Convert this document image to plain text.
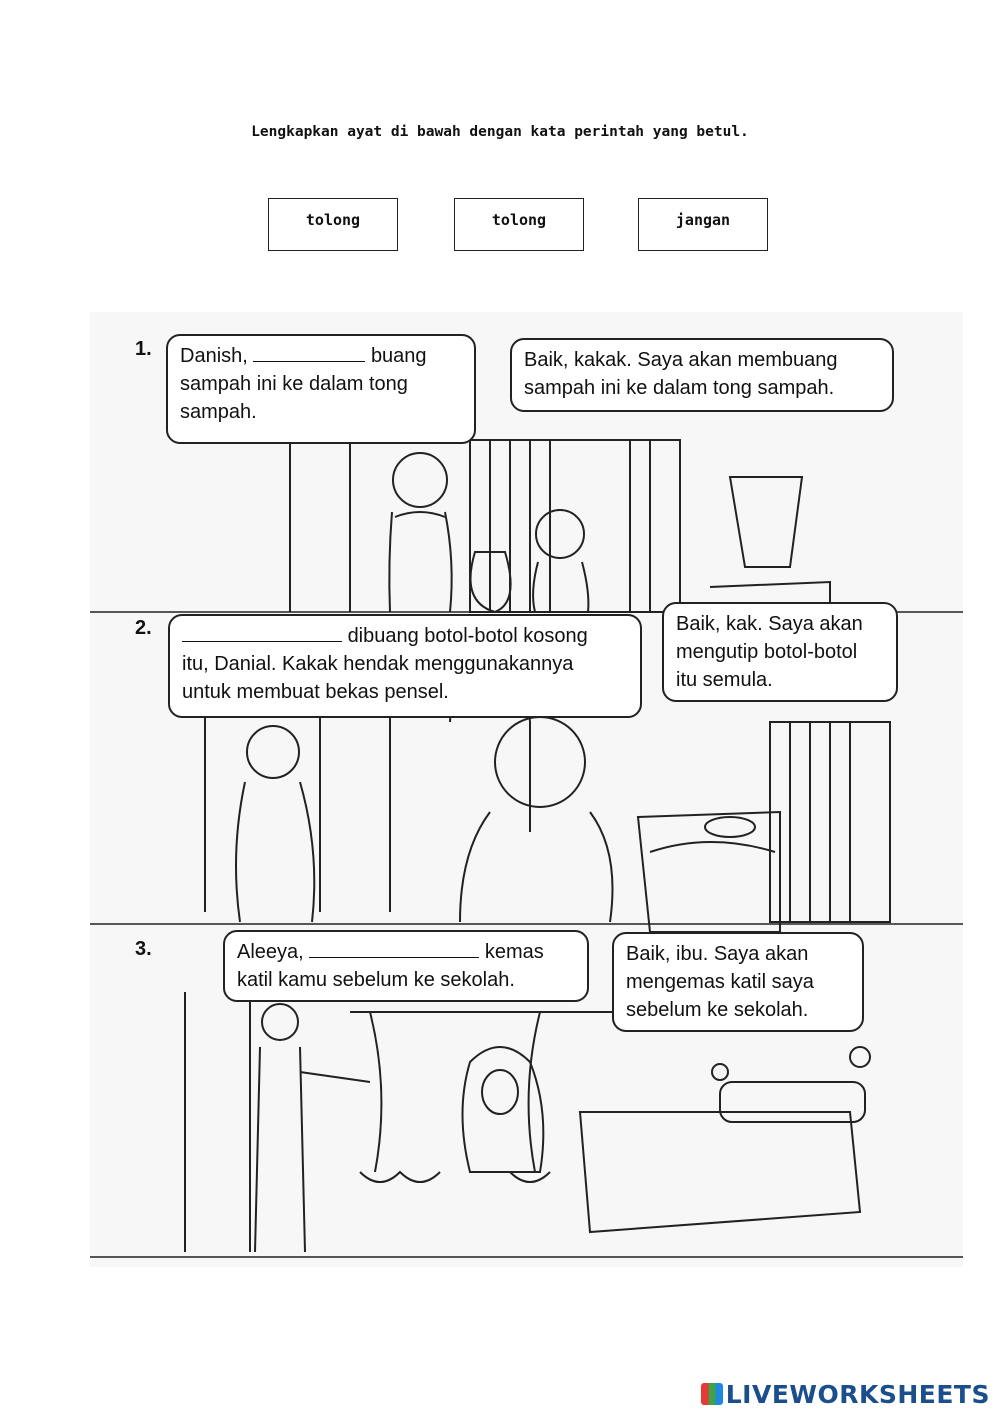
Lengkapkan ayat di bawah dengan kata perintah yang betul.
tolong	tolong	jangan
1. Danish,	buang
sampah ini ke dalam tong
sampah.
Baik, kakak. Saya akan membuang
sampah ini ke dalam tong sampah.
2.	dibuang botol-botol kosong
itu, Danial. Kakak hendak menggunakannya
untuk membuat bekas pensel.
Baik, kak. Saya akan
mengutip botol-botol
itu semula.
3.	Aleeya,	kemas
katil kamu sebelum ke sekolah.
Baik, ibu. Saya akan
mengemas katil saya
sebelum ke sekolah.
LIVEWORKSHEETS
